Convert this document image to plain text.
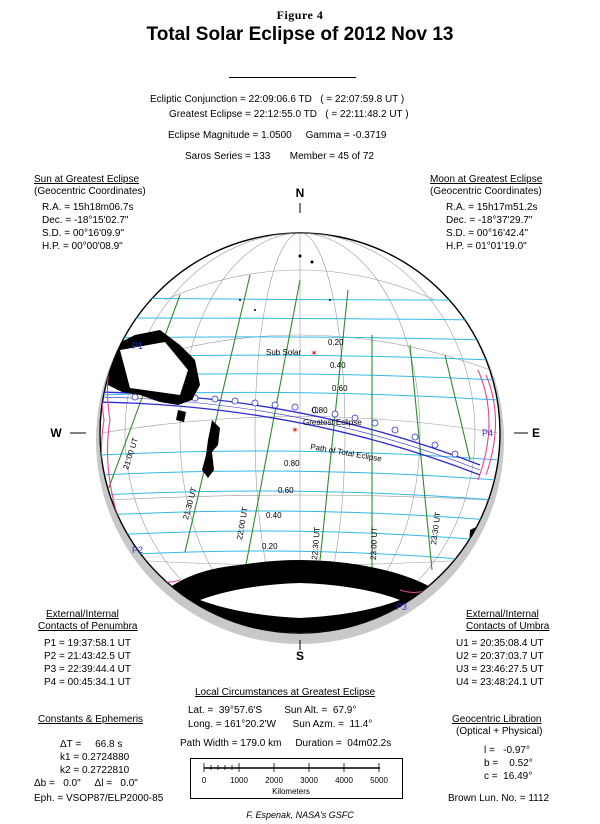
Figure 4
Total Solar Eclipse of 2012 Nov 13
Ecliptic Conjunction = 22:09:06.6 TD   ( = 22:07:59.8 UT )
Greatest Eclipse = 22:12:55.0 TD   ( = 22:11:48.2 UT )
Eclipse Magnitude = 1.0500     Gamma = -0.3719
Saros Series = 133       Member = 45 of 72
Sun at Greatest Eclipse
(Geocentric Coordinates)
R.A. = 15h18m06.7s
Dec. = -18°15'02.7"
S.D. = 00°16'09.9"
H.P. = 00°00'08.9"
Moon at Greatest Eclipse
(Geocentric Coordinates)
R.A. = 15h17m51.2s
Dec. = -18°37'29.7"
S.D. = 00°16'42.4"
H.P. = 01°01'19.0"
N
S
W	E
✶
Sub Solar
✶
Greatest Eclipse
Path of Total Eclipse
P1
P2
P3
P4
0.20
0.40
0.60
0.80
0.80
0.60
0.40
0.20
21:00 UT
21:30 UT
22:00 UT
22:30 UT	23:00 UT	23:30 UT
External/Internal
Contacts of Penumbra
P1 = 19:37:58.1 UT
P2 = 21:43:42.5 UT
P3 = 22:39:44.4 UT
P4 = 00:45:34.1 UT
External/Internal
Contacts of Umbra
U1 = 20:35:08.4 UT
U2 = 20:37:03.7 UT
U3 = 23:46:27.5 UT
U4 = 23:48:24.1 UT
Local Circumstances at Greatest Eclipse
Lat. =  39°57.6'S        Sun Alt. =  67.9°
Long. = 161°20.2'W      Sun Azm. =  11.4°
Path Width = 179.0 km     Duration =  04m02.2s
Constants & Ephemeris
ΔT =     66.8 s
k1 = 0.2724880
k2 = 0.2722810
Δb =   0.0"     Δl =   0.0"
Eph. = VSOP87/ELP2000-85
0	1000 2000 3000 4000 5000
Kilometers
Geocentric Libration
(Optical + Physical)
l =   -0.97°
b =    0.52°
c =  16.49°
Brown Lun. No. = 1112
F. Espenak, NASA's GSFC
